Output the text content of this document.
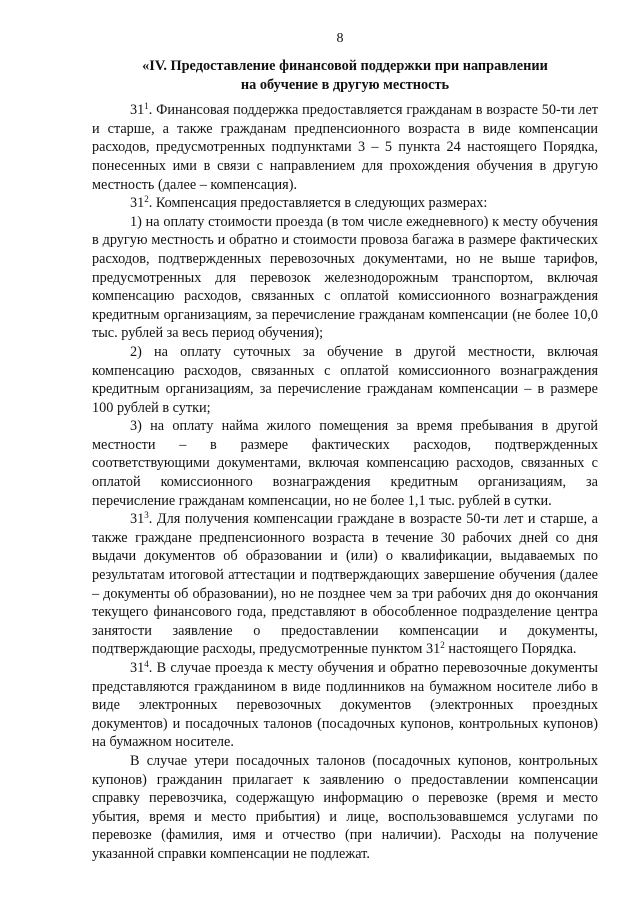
8
«IV. Предоставление финансовой поддержки при направлении
на обучение в другую местность

$31^1$. Финансовая поддержка предоставляется гражданам в возрасте 50-ти лет и старше, а также гражданам предпенсионного возраста в виде компенсации расходов, предусмотренных подпунктами 3 – 5 пункта 24 настоящего Порядка, понесенных ими в связи с направлением для прохождения обучения в другую местность (далее – компенсация).

$31^2$. Компенсация предоставляется в следующих размерах:

1) на оплату стоимости проезда (в том числе ежедневного) к месту обучения в другую местность и обратно и стоимости провоза багажа в размере фактических расходов, подтвержденных перевозочных документами, но не выше тарифов, предусмотренных для перевозок железнодорожным транспортом, включая компенсацию расходов, связанных с оплатой комиссионного вознаграждения кредитным организациям, за перечисление гражданам компенсации (не более 10,0 тыс. рублей за весь период обучения);

2) на оплату суточных за обучение в другой местности, включая компенсацию расходов, связанных с оплатой комиссионного вознаграждения кредитным организациям, за перечисление гражданам компенсации – в размере 100 рублей в сутки;

3) на оплату найма жилого помещения за время пребывания в другой местности – в размере фактических расходов, подтвержденных соответствующими документами, включая компенсацию расходов, связанных с оплатой комиссионного вознаграждения кредитным организациям, за перечисление гражданам компенсации, но не более 1,1 тыс. рублей в сутки.

$31^3$. Для получения компенсации граждане в возрасте 50-ти лет и старше, а также граждане предпенсионного возраста в течение 30 рабочих дней со дня выдачи документов об образовании и (или) о квалификации, выдаваемых по результатам итоговой аттестации и подтверждающих завершение обучения (далее – документы об образовании), но не позднее чем за три рабочих дня до окончания текущего финансового года, представляют в обособленное подразделение центра занятости заявление о предоставлении компенсации и документы, подтверждающие расходы, предусмотренные пунктом $31^2$ настоящего Порядка.

$31^4$. В случае проезда к месту обучения и обратно перевозочные документы представляются гражданином в виде подлинников на бумажном носителе либо в виде электронных перевозочных документов (электронных проездных документов) и посадочных талонов (посадочных купонов, контрольных купонов) на бумажном носителе.

В случае утери посадочных талонов (посадочных купонов, контрольных купонов) гражданин прилагает к заявлению о предоставлении компенсации справку перевозчика, содержащую информацию о перевозке (время и место убытия, время и место прибытия) и лице, воспользовавшемся услугами по перевозке (фамилия, имя и отчество (при наличии). Расходы на получение указанной справки компенсации не подлежат.
